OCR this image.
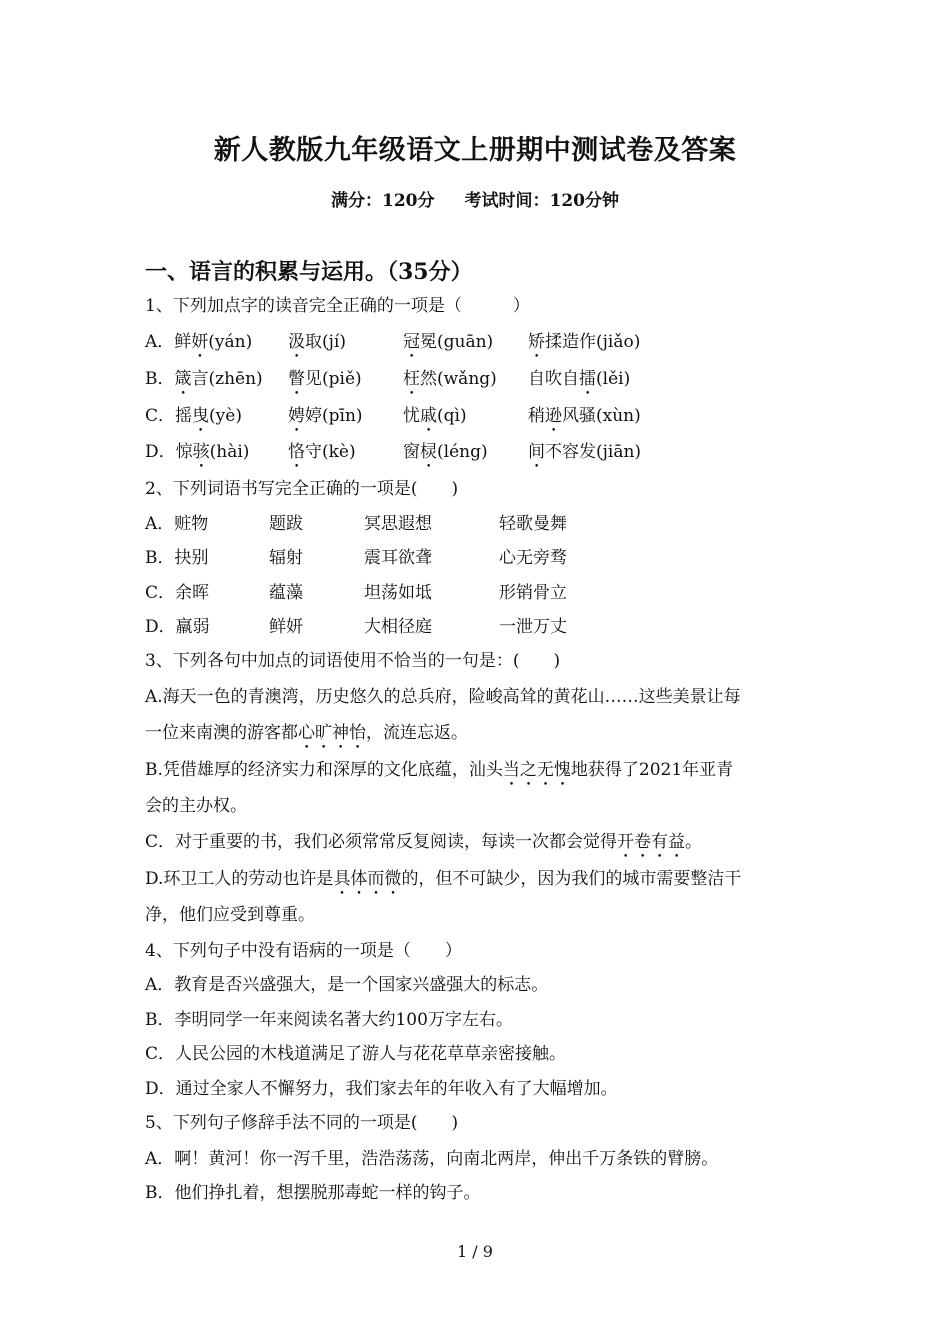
新人教版九年级语文上册期中测试卷及答案
满分：120分 考试时间：120分钟
一、语言的积累与运用。（35分）
1、下列加点字的读音完全正确的一项是（　　　）
A．鲜妍(yán) 汲取(jí)	冠冕(guān) 矫揉造作(jiǎo)
B．箴言(zhēn) 瞥见(piě) 枉然(wǎng) 自吹自擂(lěi)
C．摇曳(yè)	娉婷(pīn) 忧戚(qì)	稍逊风骚(xùn)
D．惊骇(hài) 恪守(kè)	窗棂(léng) 间不容发(jiān)
2、下列词语书写完全正确的一项是(　　)
A．赃物	题跋	冥思遐想	轻歌曼舞
B．抉别	辐射	震耳欲聋	心无旁骛
C．余晖	蕴藻	坦荡如坻	形销骨立
D．羸弱	鲜妍	大相径庭	一泄万丈
3、下列各句中加点的词语使用不恰当的一句是：(　　)
A.海天一色的青澳湾，历史悠久的总兵府，险峻高耸的黄花山……这些美景让每
一位来南澳的游客都心旷神怡，流连忘返。
B.凭借雄厚的经济实力和深厚的文化底蕴，汕头当之无愧地获得了2021年亚青
会的主办权。
C．对于重要的书，我们必须常常反复阅读，每读一次都会觉得开卷有益。
D.环卫工人的劳动也许是具体而微的，但不可缺少，因为我们的城市需要整洁干
净，他们应受到尊重。
4、下列句子中没有语病的一项是（　　）
A．教育是否兴盛强大，是一个国家兴盛强大的标志。
B．李明同学一年来阅读名著大约100万字左右。
C．人民公园的木栈道满足了游人与花花草草亲密接触。
D．通过全家人不懈努力，我们家去年的年收入有了大幅增加。
5、下列句子修辞手法不同的一项是(　　)
A．啊！黄河！你一泻千里，浩浩荡荡，向南北两岸，伸出千万条铁的臂膀。
B．他们挣扎着，想摆脱那毒蛇一样的钩子。
1 / 9
